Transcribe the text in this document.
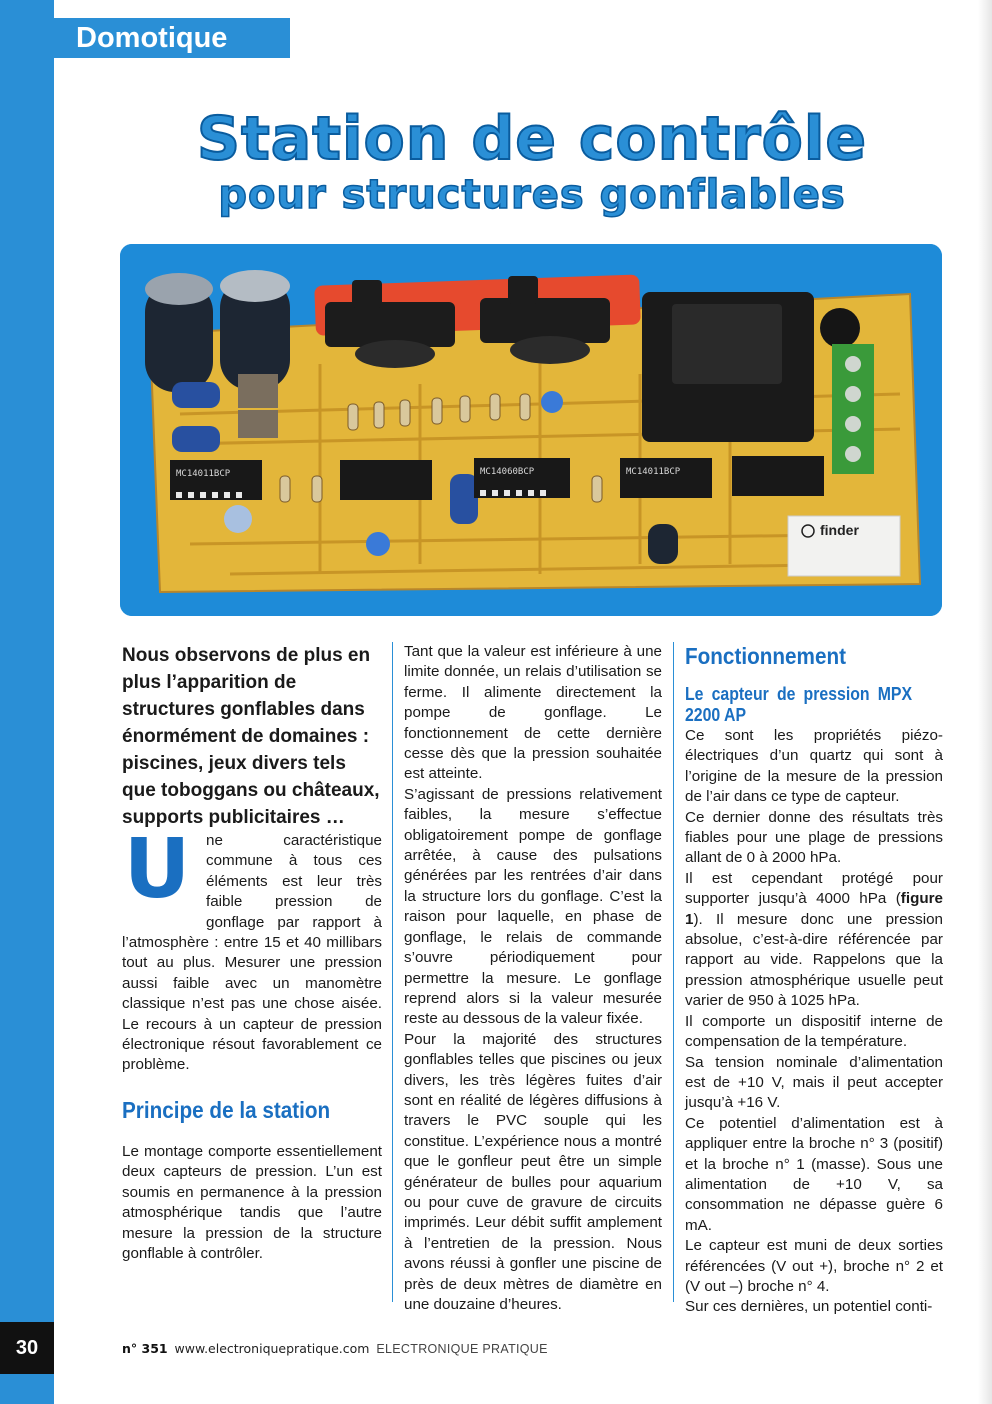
Domotique
Station de contrôle
pour structures gonflables
MC14011BCP	MC14060BCP	MC14011BCP
finder

Nous observons de plus en plus l’apparition de structures gonflables dans énormément de domaines : piscines, jeux divers tels que toboggans ou châteaux, supports publicitaires …

U	ne caractéristique commune à tous ces éléments est leur très faible pression de gonflage par rapport à l’atmosphère : entre 15 et 40 millibars tout au plus. Mesurer une pression aussi faible avec un manomètre classique n’est pas une chose aisée. Le recours à un capteur de pression électronique résout favorablement ce problème.

Principe de la station

Le montage comporte essentiellement deux capteurs de pression. L’un est soumis en permanence à la pression atmosphérique tandis que l’autre mesure la pression de la structure gonflable à contrôler.

Tant que la valeur est inférieure à une limite donnée, un relais d’utilisation se ferme. Il alimente directement la pompe de gonflage. Le fonctionnement de cette dernière cesse dès que la pression souhaitée est atteinte.

S’agissant de pressions relativement faibles, la mesure s’effectue obligatoirement pompe de gonflage arrêtée, à cause des pulsations générées par les rentrées d’air dans la structure lors du gonflage. C’est la raison pour laquelle, en phase de gonflage, le relais de commande s’ouvre périodiquement pour permettre la mesure. Le gonflage reprend alors si la valeur mesurée reste au dessous de la valeur fixée.

Pour la majorité des structures gonflables telles que piscines ou jeux divers, les très légères fuites d’air sont en réalité de légères diffusions à travers le PVC souple qui les constitue. L’expérience nous a montré que le gonfleur peut être un simple générateur de bulles pour aquarium ou pour cuve de gravure de circuits imprimés. Leur débit suffit amplement à l’entretien de la pression. Nous avons réussi à gonfler une piscine de près de deux mètres de diamètre en une douzaine d’heures.

Fonctionnement
Le capteur de pression MPX 2200 AP

Ce sont les propriétés piézo-électriques d’un quartz qui sont à l’origine de la mesure de la pression de l’air dans ce type de capteur.

Ce dernier donne des résultats très fiables pour une plage de pressions allant de 0 à 2000 hPa.

Il est cependant protégé pour supporter jusqu’à 4000 hPa (figure 1). Il mesure donc une pression absolue, c’est-à-dire référencée par rapport au vide. Rappelons que la pression atmosphérique usuelle peut varier de 950 à 1025 hPa.

Il comporte un dispositif interne de compensation de la température.

Sa tension nominale d’alimentation est de +10 V, mais il peut accepter jusqu’à +16 V.

Ce potentiel d’alimentation est à appliquer entre la broche n° 3 (positif) et la broche n° 1 (masse). Sous une alimentation de +10 V, sa consommation ne dépasse guère 6 mA.

Le capteur est muni de deux sorties référencées (V out +), broche n° 2 et (V out –) broche n° 4.

Sur ces dernières, un potentiel conti-

30	n° 351 www.electroniquepratique.com ELECTRONIQUE PRATIQUE
